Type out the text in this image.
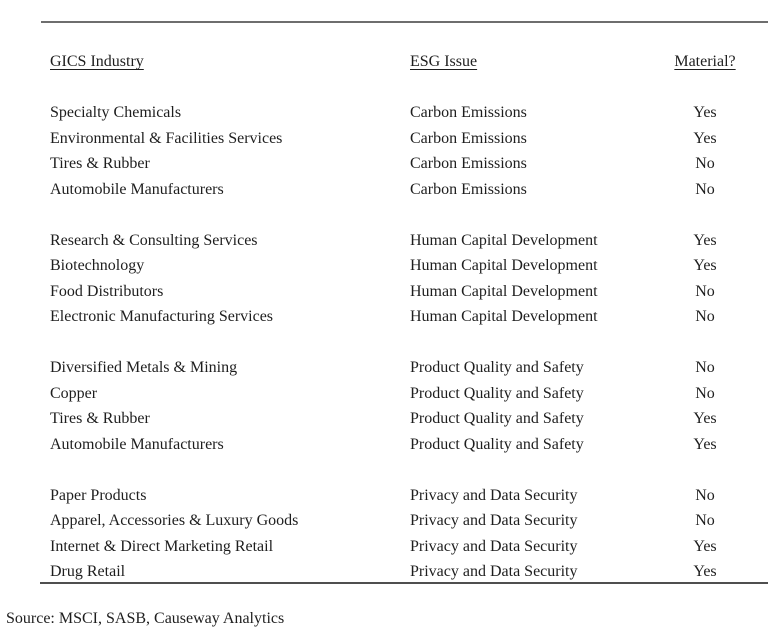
GICS Industry	ESG Issue	Material?
Specialty Chemicals	Carbon Emissions	Yes
Environmental & Facilities Services	Carbon Emissions	Yes
Tires & Rubber	Carbon Emissions	No
Automobile Manufacturers	Carbon Emissions	No
Research & Consulting Services	Human Capital Development	Yes
Biotechnology	Human Capital Development	Yes
Food Distributors	Human Capital Development	No
Electronic Manufacturing Services	Human Capital Development	No
Diversified Metals & Mining	Product Quality and Safety	No
Copper	Product Quality and Safety	No
Tires & Rubber	Product Quality and Safety	Yes
Automobile Manufacturers	Product Quality and Safety	Yes
Paper Products	Privacy and Data Security	No
Apparel, Accessories & Luxury Goods	Privacy and Data Security	No
Internet & Direct Marketing Retail	Privacy and Data Security	Yes
Drug Retail	Privacy and Data Security	Yes
Source: MSCI, SASB, Causeway Analytics
